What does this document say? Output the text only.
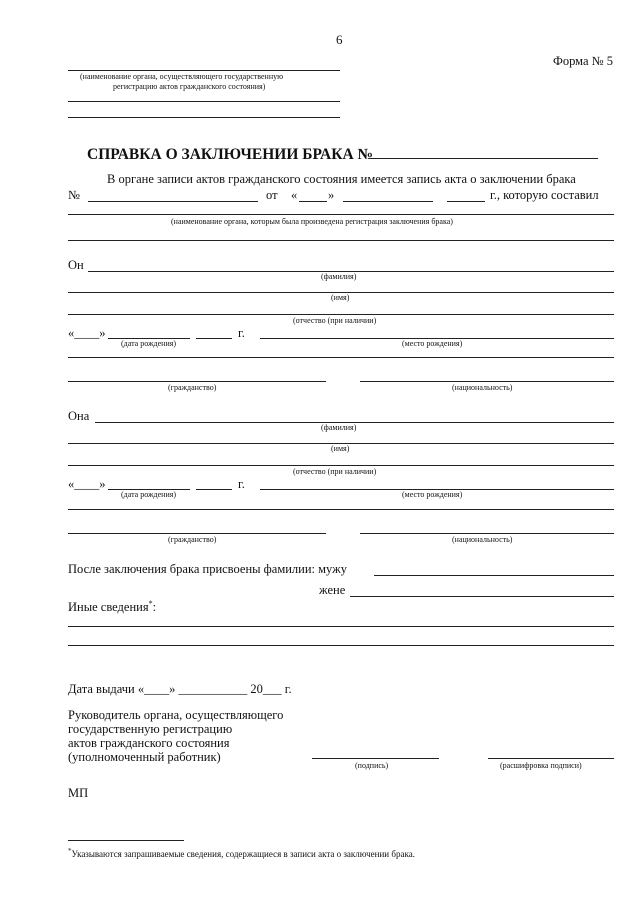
6
Форма № 5
(наименование органа, осуществляющего государственную
регистрацию актов гражданского состояния)
СПРАВКА О ЗАКЛЮЧЕНИИ БРАКА №
В органе записи актов гражданского состояния имеется запись акта о заключении брака
№	от « »	г., которую составил
(наименование органа, которым была произведена регистрация заключения брака)
Он
(фамилия)
(имя)
(отчество (при наличии)
«____»	г.
(дата рождения)	(место рождения)
(гражданство)	(национальность)
Она
(фамилия)
(имя)
(отчество (при наличии)
«____»	г.
(дата рождения)	(место рождения)
(гражданство)	(национальность)
После заключения брака присвоены фамилии: мужу
жене
Иные сведения*:
Дата выдачи «____» ___________ 20___ г.
Руководитель органа, осуществляющего
государственную регистрацию
актов гражданского состояния
(уполномоченный работник)
(подпись)	(расшифровка подписи)
МП
*Указываются запрашиваемые сведения, содержащиеся в записи акта о заключении брака.
